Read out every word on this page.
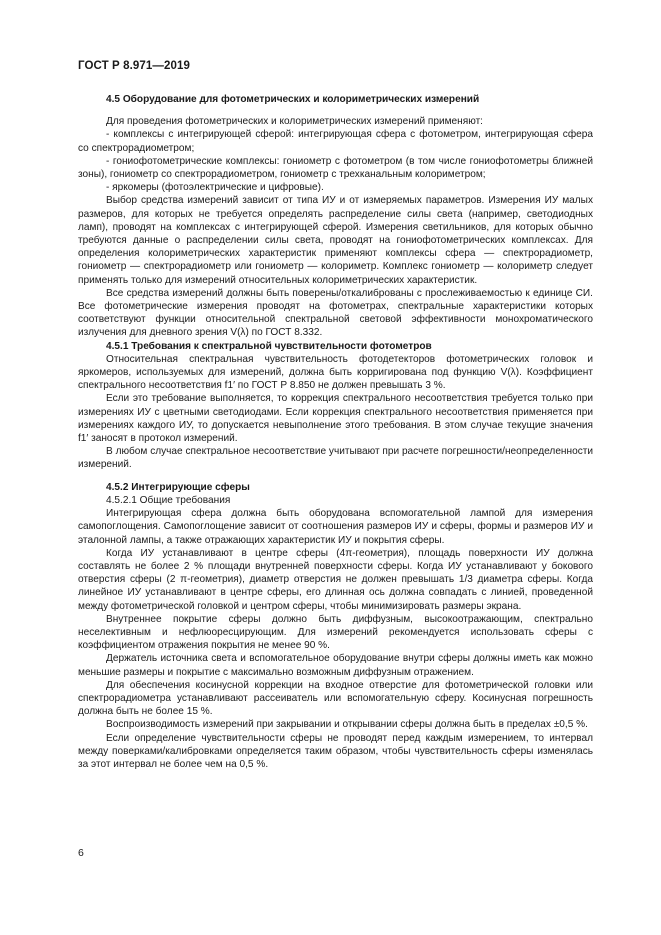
ГОСТ Р 8.971—2019
4.5 Оборудование для фотометрических и колориметрических измерений

Для проведения фотометрических и колориметрических измерений применяют:

- комплексы с интегрирующей сферой: интегрирующая сфера с фотометром, интегрирующая сфера со спектрорадиометром;

- гониофотометрические комплексы: гониометр с фотометром (в том числе гониофотометры ближней зоны), гониометр со спектрорадиометром, гониометр с трехканальным колориметром;

- яркомеры (фотоэлектрические и цифровые).

Выбор средства измерений зависит от типа ИУ и от измеряемых параметров. Измерения ИУ малых размеров, для которых не требуется определять распределение силы света (например, светодиодных ламп), проводят на комплексах с интегрирующей сферой. Измерения светильников, для которых обычно требуются данные о распределении силы света, проводят на гониофотометрических комплексах. Для определения колориметрических характеристик применяют комплексы сфера — спектрорадиометр, гониометр — спектрорадиометр или гониометр — колориметр. Комплекс гониометр — колориметр следует применять только для измерений относительных колориметрических характеристик.

Все средства измерений должны быть поверены/откалиброваны с прослеживаемостью к единице СИ. Все фотометрические измерения проводят на фотометрах, спектральные характеристики которых соответствуют функции относительной спектральной световой эффективности монохроматического излучения для дневного зрения V(λ) по ГОСТ 8.332.

4.5.1 Требования к спектральной чувствительности фотометров

Относительная спектральная чувствительность фотодетекторов фотометрических головок и яркомеров, используемых для измерений, должна быть корригирована под функцию V(λ). Коэффициент спектрального несоответствия f1′ по ГОСТ Р 8.850 не должен превышать 3 %.

Если это требование выполняется, то коррекция спектрального несоответствия требуется только при измерениях ИУ с цветными светодиодами. Если коррекция спектрального несоответствия применяется при измерениях каждого ИУ, то допускается невыполнение этого требования. В этом случае текущие значения f1′ заносят в протокол измерений.

В любом случае спектральное несоответствие учитывают при расчете погрешности/неопределенности измерений.

4.5.2 Интегрирующие сферы
4.5.2.1 Общие требования

Интегрирующая сфера должна быть оборудована вспомогательной лампой для измерения самопоглощения. Самопоглощение зависит от соотношения размеров ИУ и сферы, формы и размеров ИУ и эталонной лампы, а также отражающих характеристик ИУ и покрытия сферы.

Когда ИУ устанавливают в центре сферы (4π-геометрия), площадь поверхности ИУ должна составлять не более 2 % площади внутренней поверхности сферы. Когда ИУ устанавливают у бокового отверстия сферы (2 π-геометрия), диаметр отверстия не должен превышать 1/3 диаметра сферы. Когда линейное ИУ устанавливают в центре сферы, его длинная ось должна совпадать с линией, проведенной между фотометрической головкой и центром сферы, чтобы минимизировать размеры экрана.

Внутреннее покрытие сферы должно быть диффузным, высокоотражающим, спектрально неселективным и нефлюоресцирующим. Для измерений рекомендуется использовать сферы с коэффициентом отражения покрытия не менее 90 %.

Держатель источника света и вспомогательное оборудование внутри сферы должны иметь как можно меньшие размеры и покрытие с максимально возможным диффузным отражением.

Для обеспечения косинусной коррекции на входное отверстие для фотометрической головки или спектрорадиометра устанавливают рассеиватель или вспомогательную сферу. Косинусная погрешность должна быть не более 15 %.

Воспроизводимость измерений при закрывании и открывании сферы должна быть в пределах ±0,5 %.

Если определение чувствительности сферы не проводят перед каждым измерением, то интервал между поверками/калибровками определяется таким образом, чтобы чувствительность сферы изменялась за этот интервал не более чем на 0,5 %.

6
